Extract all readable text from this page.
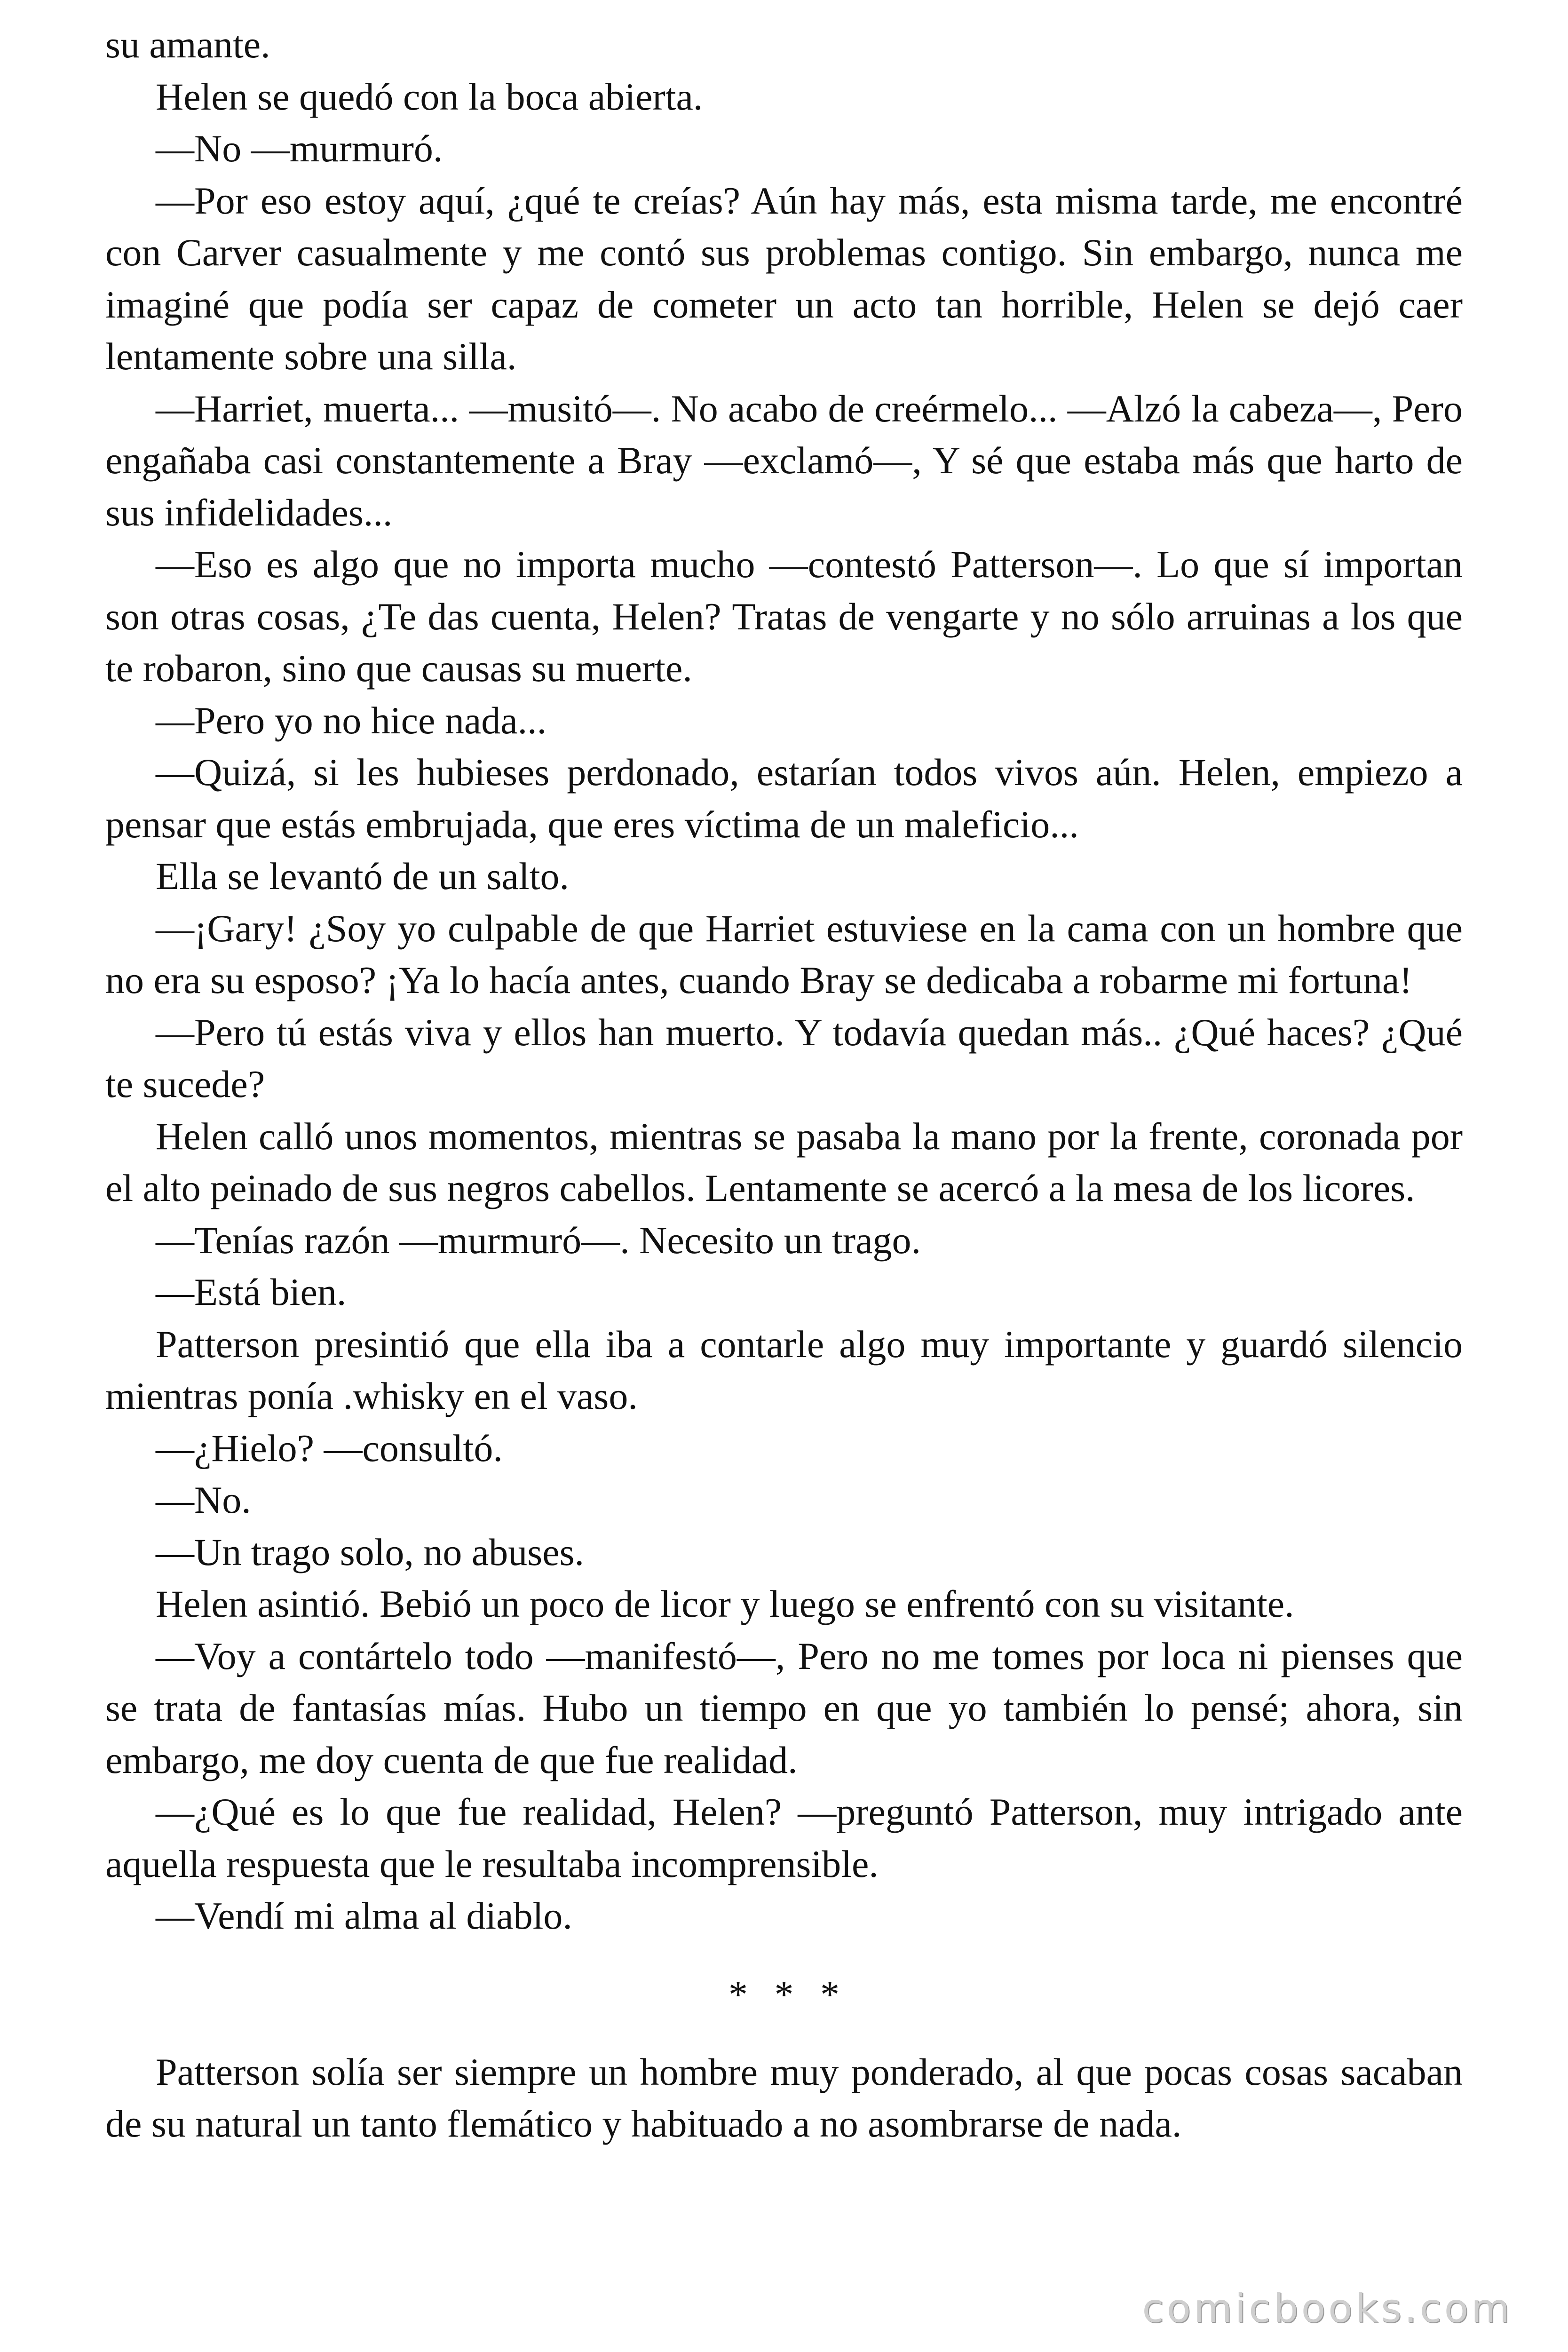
su amante.

Helen se quedó con la boca abierta.

—No —murmuró.

—Por eso estoy aquí, ¿qué te creías? Aún hay más, esta misma tarde, me encontré con Carver casualmente y me contó sus problemas contigo. Sin embargo, nunca me imaginé que podía ser capaz de cometer un acto tan horrible, Helen se dejó caer lentamente sobre una silla.

—Harriet, muerta... —musitó—. No acabo de creérmelo... —Alzó la cabeza—, Pero engañaba casi constantemente a Bray —exclamó—, Y sé que estaba más que harto de sus infidelidades...

—Eso es algo que no importa mucho —contestó Patterson—. Lo que sí importan son otras cosas, ¿Te das cuenta, Helen? Tratas de vengarte y no sólo arruinas a los que te robaron, sino que causas su muerte.

—Pero yo no hice nada...

—Quizá, si les hubieses perdonado, estarían todos vivos aún. Helen, empiezo a pensar que estás embrujada, que eres víctima de un maleficio...

Ella se levantó de un salto.

—¡Gary! ¿Soy yo culpable de que Harriet estuviese en la cama con un hombre que no era su esposo? ¡Ya lo hacía antes, cuando Bray se dedicaba a robarme mi fortuna!

—Pero tú estás viva y ellos han muerto. Y todavía quedan más.. ¿Qué haces? ¿Qué te sucede?

Helen calló unos momentos, mientras se pasaba la mano por la frente, coronada por el alto peinado de sus negros cabellos. Lentamente se acercó a la mesa de los licores.

—Tenías razón —murmuró—. Necesito un trago.

—Está bien.

Patterson presintió que ella iba a contarle algo muy importante y guardó silencio mientras ponía .whisky en el vaso.

—¿Hielo? —consultó.

—No.

—Un trago solo, no abuses.

Helen asintió. Bebió un poco de licor y luego se enfrentó con su visitante.

—Voy a contártelo todo —manifestó—, Pero no me tomes por loca ni pienses que se trata de fantasías mías. Hubo un tiempo en que yo también lo pensé; ahora, sin embargo, me doy cuenta de que fue realidad.

—¿Qué es lo que fue realidad, Helen? —preguntó Patterson, muy intrigado ante aquella respuesta que le resultaba incomprensible.

—Vendí mi alma al diablo.

* * *

Patterson solía ser siempre un hombre muy ponderado, al que pocas cosas sacaban de su natural un tanto flemático y habituado a no asombrarse de nada.

comicbooks.com
